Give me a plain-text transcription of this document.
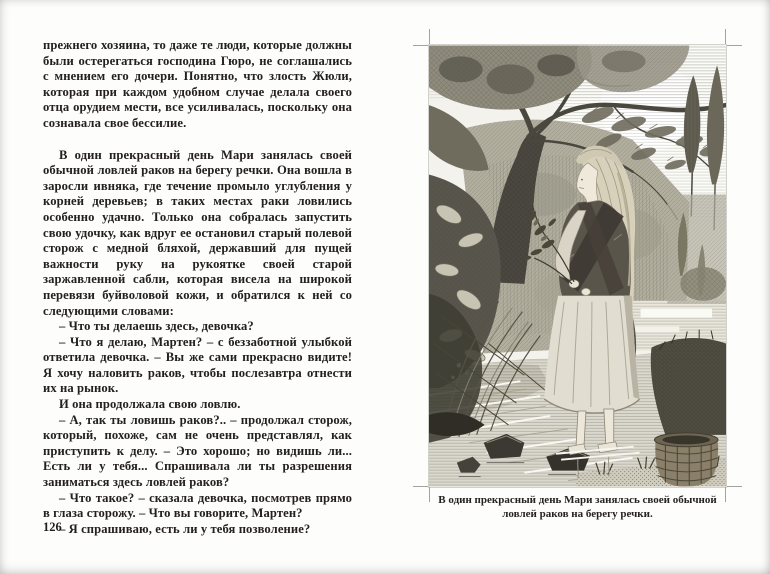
прежнего хозяина, то даже те люди, которые должны были остерегаться господина Гюро, не соглашались с мнением его дочери. Понятно, что злость Жюли, которая при каждом удобном случае делала своего отца орудием мести, все усиливалась, поскольку она сознавала свое бессилие.

В один прекрасный день Мари занялась своей обычной ловлей раков на берегу речки. Она вошла в заросли ивняка, где течение промыло углубления у корней деревьев; в таких местах раки ловились особенно удачно. Только она собралась запустить свою удочку, как вдруг ее остановил старый полевой сторож с медной бляхой, державший для пущей важности руку на рукоятке своей старой заржавленной сабли, которая висела на широкой перевязи буйволовой кожи, и обратился к ней со следующими словами:

– Что ты делаешь здесь, девочка?

– Что я делаю, Мартен? – с беззаботной улыбкой ответила девочка. – Вы же сами прекрасно видите! Я хочу наловить раков, чтобы послезавтра отнести их на рынок.

И она продолжала свою ловлю.

– А, так ты ловишь раков?.. – продолжал сторож, который, похоже, сам не очень представлял, как приступить к делу. – Это хорошо; но видишь ли... Есть ли у тебя... Спрашивала ли ты разрешения заниматься здесь ловлей раков?

– Что такое? – сказала девочка, посмотрев прямо в глаза сторожу. – Что вы говорите, Мартен?

– Я спрашиваю, есть ли у тебя позволение?

126
В один прекрасный день Мари занялась своей обычной ловлей раков на берегу речки.
